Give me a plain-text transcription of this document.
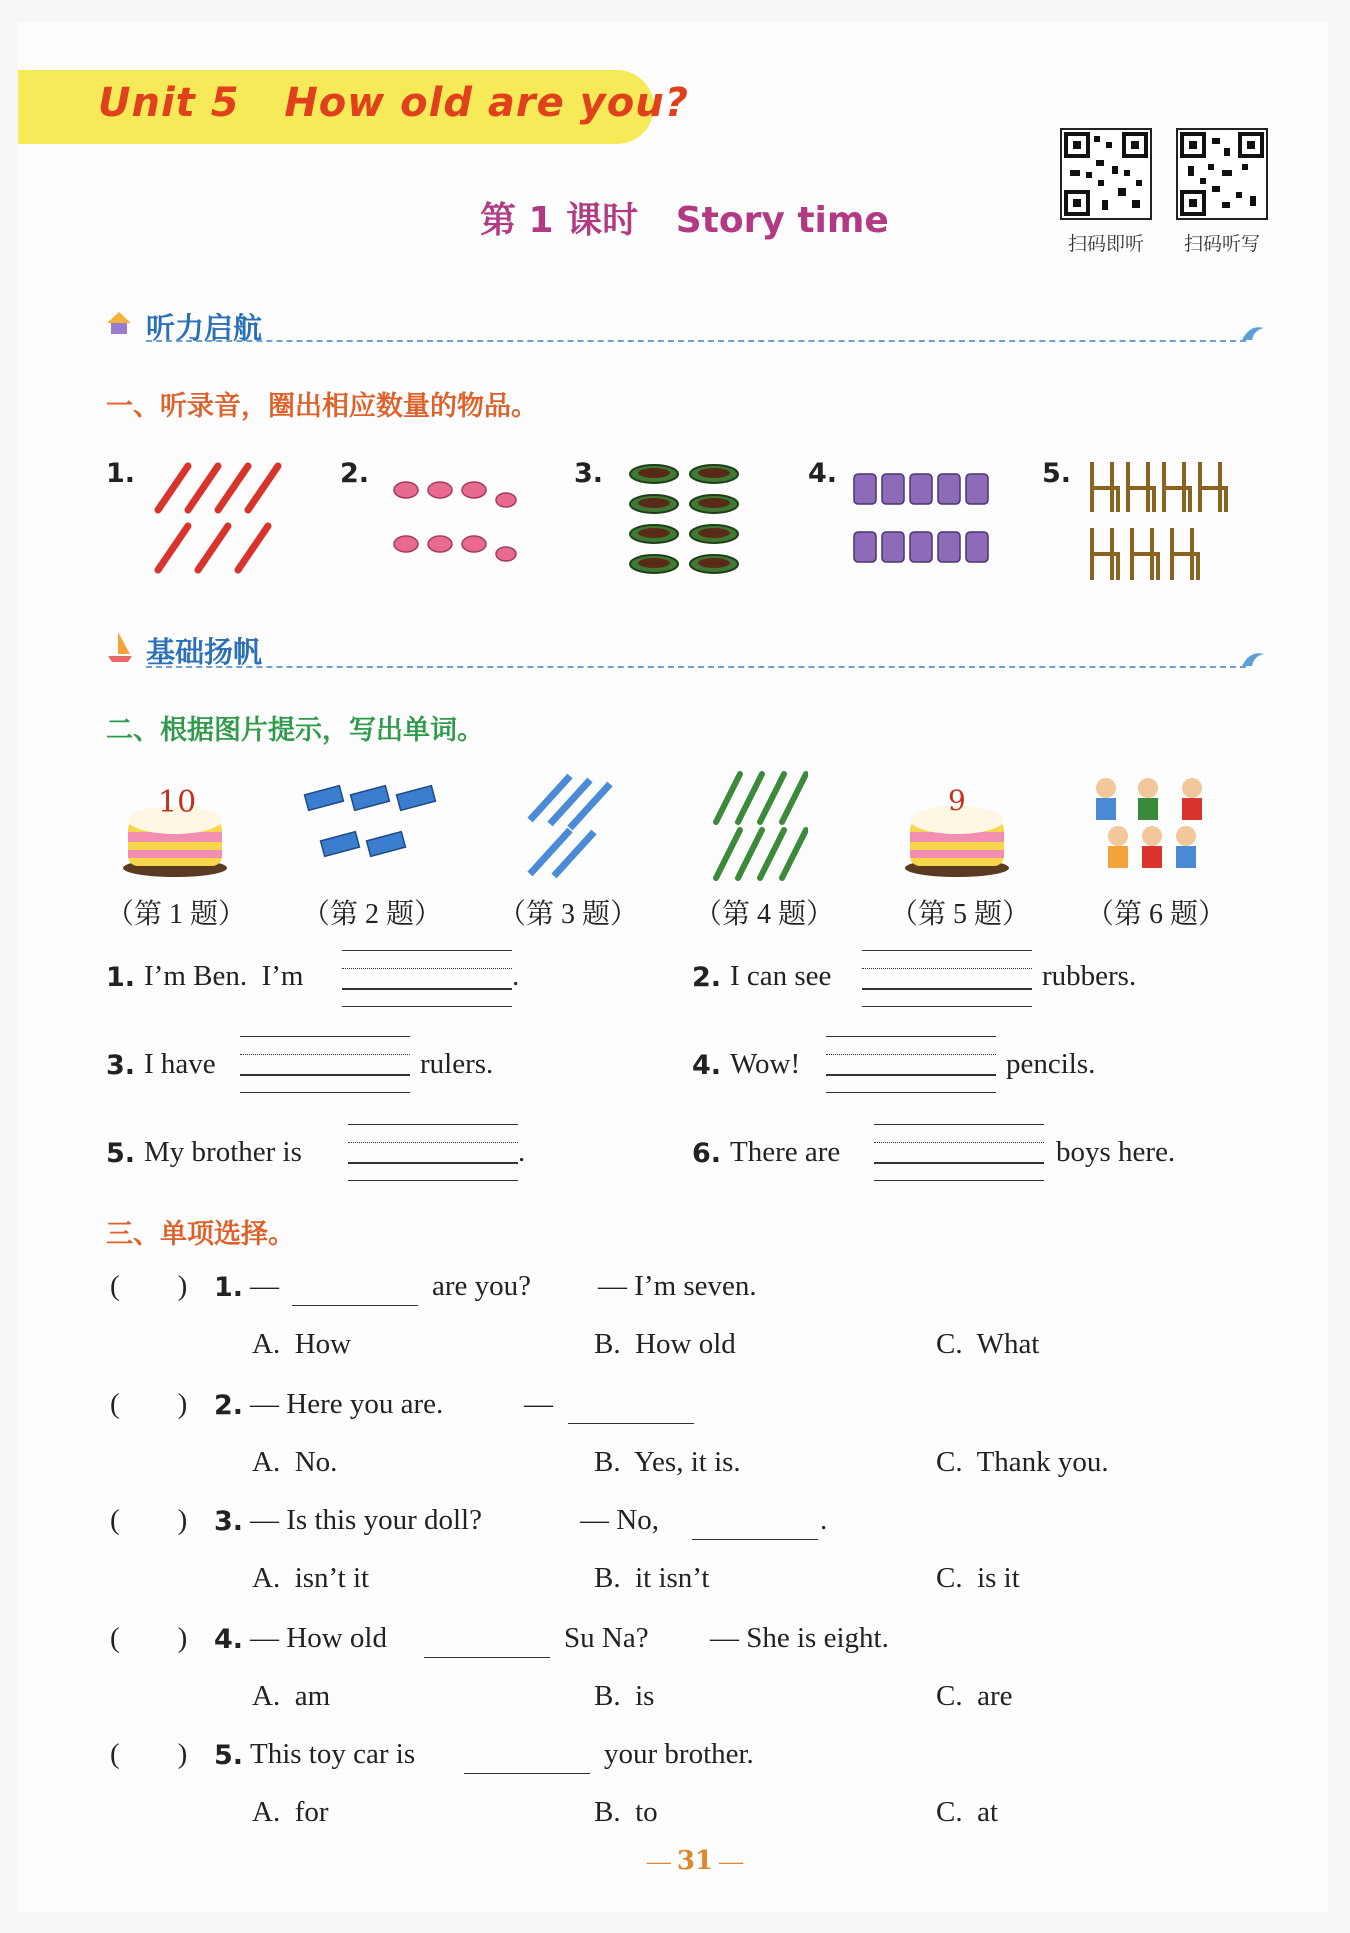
Unit 5   How old are you?
第 1 课时   Story time
扫码即听	扫码听写
听力启航
一、听录音，圈出相应数量的物品。
1.	2.	3.	4.	5.
基础扬帆
二、根据图片提示，写出单词。
10	9
（第 1 题） （第 2 题） （第 3 题） （第 4 题） （第 5 题） （第 6 题）
1. I’m Ben.  I’m	.	2. I can see	rubbers.
3. I have	rulers.	4. Wow!	pencils.
5. My brother is	.	6. There are	boys here.
三、单项选择。
(        ) 1. —	are you? — I’m seven.
A.  How	B.  How old	C.  What
(        ) 2. — Here you are.	—
A.  No.	B.  Yes, it is.	C.  Thank you.
(        ) 3. — Is this your doll?	— No,	.
A.  isn’t it	B.  it isn’t	C.  is it
(        ) 4. — How old	Su Na? — She is eight.
A.  am	B.  is	C.  are
(        ) 5. This toy car is	your brother.
A.  for	B.  to	C.  at
— 31 —
